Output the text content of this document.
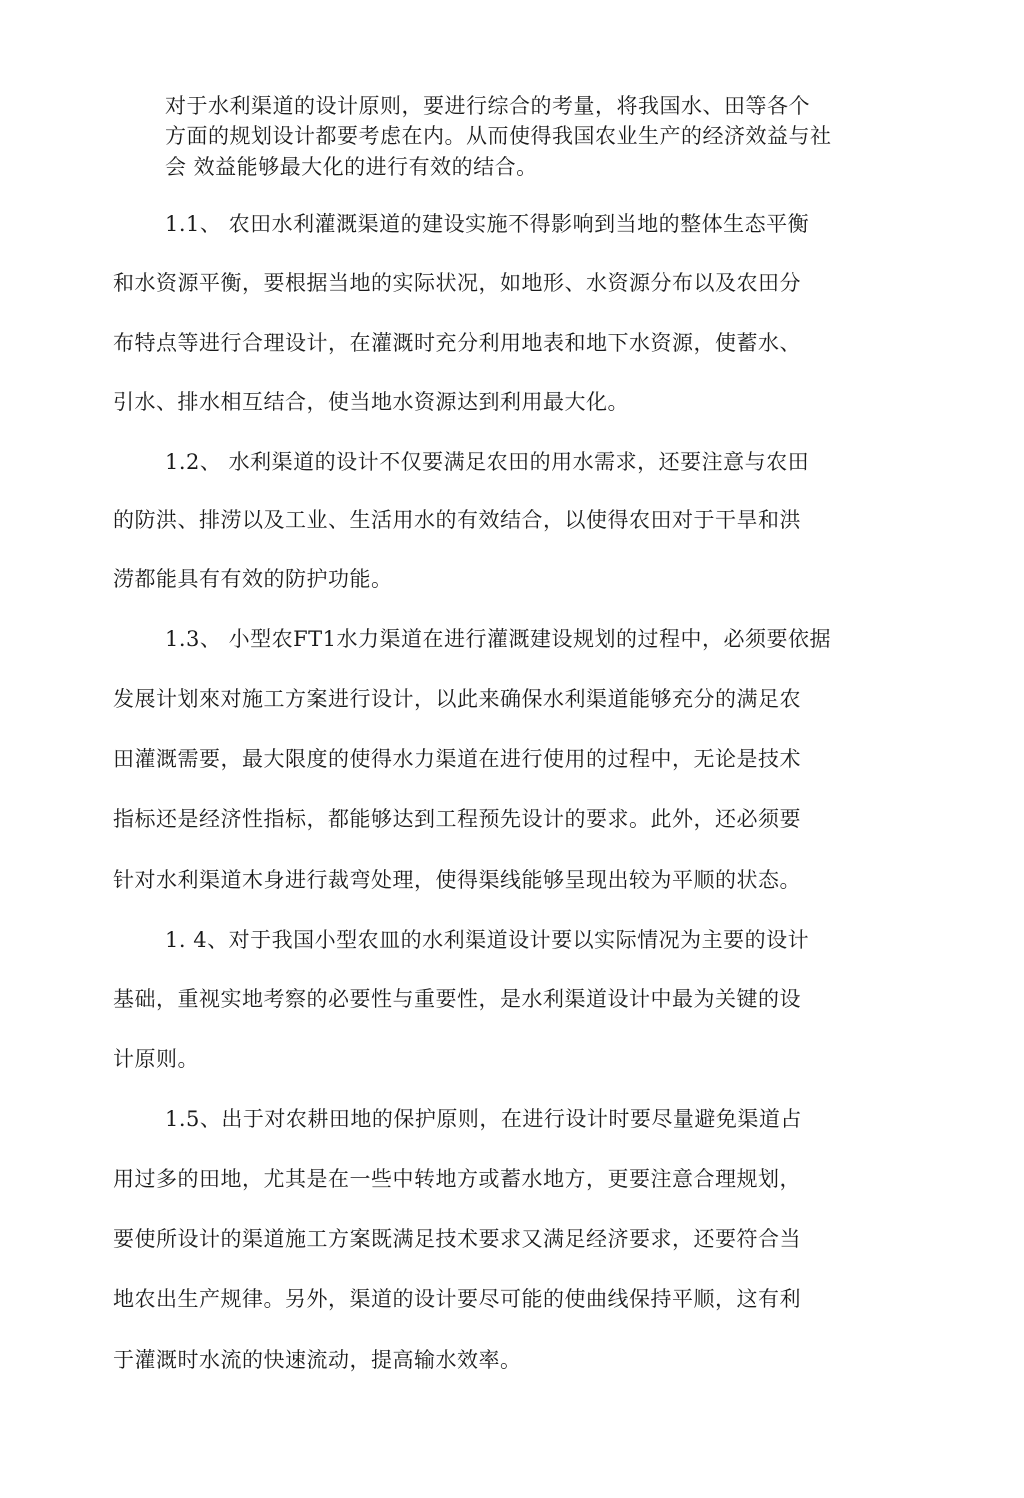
对于水利渠道的设计原则，要进行综合的考量，将我国水、田等各个
方面的规划设计都要考虑在内。从而使得我国农业生产的经济效益与社
会 效益能够最大化的进行有效的结合。
1.1、 农田水利灌溉渠道的建设实施不得影响到当地的整体生态平衡
和水资源平衡，要根据当地的实际状况，如地形、水资源分布以及农田分
布特点等进行合理设计，在灌溉时充分利用地表和地下水资源，使蓄水、
引水、排水相互结合，使当地水资源达到利用最大化。
1.2、 水利渠道的设计不仅要满足农田的用水需求，还要注意与农田
的防洪、排涝以及工业、生活用水的有效结合，以使得农田对于干旱和洪
涝都能具有有效的防护功能。
1.3、 小型农FT1水力渠道在进行灌溉建设规划的过程中，必须要依据
发展计划來对施工方案进行设计，以此来确保水利渠道能够充分的满足农
田灌溉需要，最大限度的使得水力渠道在进行使用的过程中，无论是技术
指标还是经济性指标，都能够达到工程预先设计的要求。此外，还必须要
针对水利渠道木身进行裁弯处理，使得渠线能够呈现出较为平顺的状态。
1. 4、对于我国小型农皿的水利渠道设计要以实际情况为主要的设计
基础，重视实地考察的必要性与重要性，是水利渠道设计中最为关键的设
计原则。
1.5、出于对农耕田地的保护原则，在进行设计时要尽量避免渠道占
用过多的田地，尤其是在一些中转地方或蓄水地方，更要注意合理规划，
要使所设计的渠道施工方案既满足技术要求又满足经济要求，还要符合当
地农出生产规律。另外，渠道的设计要尽可能的使曲线保持平顺，这有利
于灌溉时水流的快速流动，提高输水效率。
